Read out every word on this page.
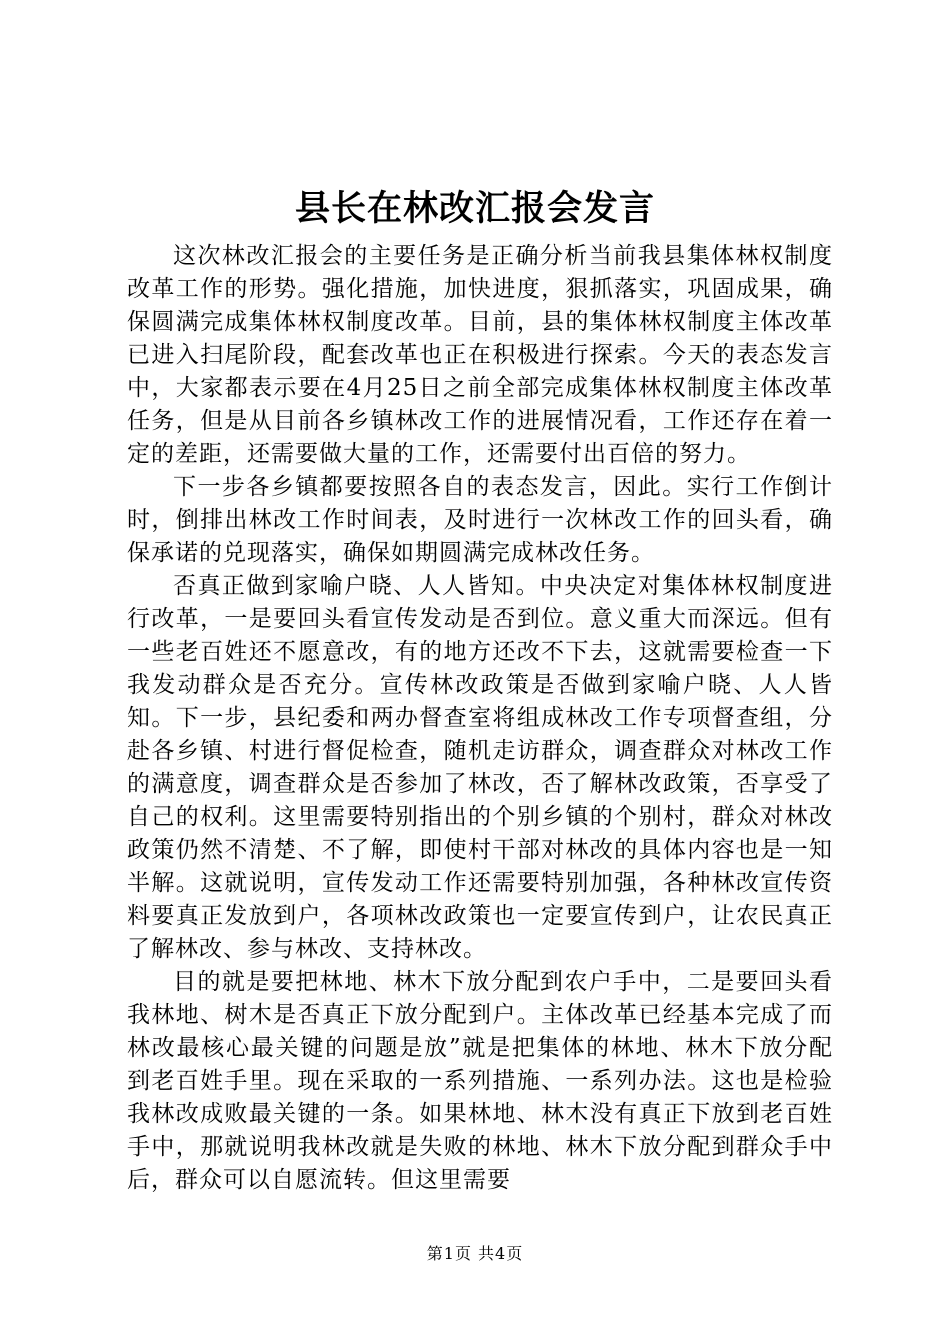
县长在林改汇报会发言

这次林改汇报会的主要任务是正确分析当前我县集体林权制度改革工作的形势。强化措施，加快进度，狠抓落实，巩固成果，确保圆满完成集体林权制度改革。目前，县的集体林权制度主体改革已进入扫尾阶段，配套改革也正在积极进行探索。今天的表态发言中，大家都表示要在4月25日之前全部完成集体林权制度主体改革任务，但是从目前各乡镇林改工作的进展情况看，工作还存在着一定的差距，还需要做大量的工作，还需要付出百倍的努力。

下一步各乡镇都要按照各自的表态发言，因此。实行工作倒计时，倒排出林改工作时间表，及时进行一次林改工作的回头看，确保承诺的兑现落实，确保如期圆满完成林改任务。

否真正做到家喻户晓、人人皆知。中央决定对集体林权制度进行改革，一是要回头看宣传发动是否到位。意义重大而深远。但有一些老百姓还不愿意改，有的地方还改不下去，这就需要检查一下我发动群众是否充分。宣传林改政策是否做到家喻户晓、人人皆知。下一步，县纪委和两办督查室将组成林改工作专项督查组，分赴各乡镇、村进行督促检查，随机走访群众，调查群众对林改工作的满意度，调查群众是否参加了林改，否了解林改政策，否享受了自己的权利。这里需要特别指出的个别乡镇的个别村，群众对林改政策仍然不清楚、不了解，即使村干部对林改的具体内容也是一知半解。这就说明，宣传发动工作还需要特别加强，各种林改宣传资料要真正发放到户，各项林改政策也一定要宣传到户，让农民真正了解林改、参与林改、支持林改。

目的就是要把林地、林木下放分配到农户手中，二是要回头看我林地、树木是否真正下放分配到户。主体改革已经基本完成了而林改最核心最关键的问题是放”就是把集体的林地、林木下放分配到老百姓手里。现在采取的一系列措施、一系列办法。这也是检验我林改成败最关键的一条。如果林地、林木没有真正下放到老百姓手中，那就说明我林改就是失败的林地、林木下放分配到群众手中后，群众可以自愿流转。但这里需要

第1页 共4页
